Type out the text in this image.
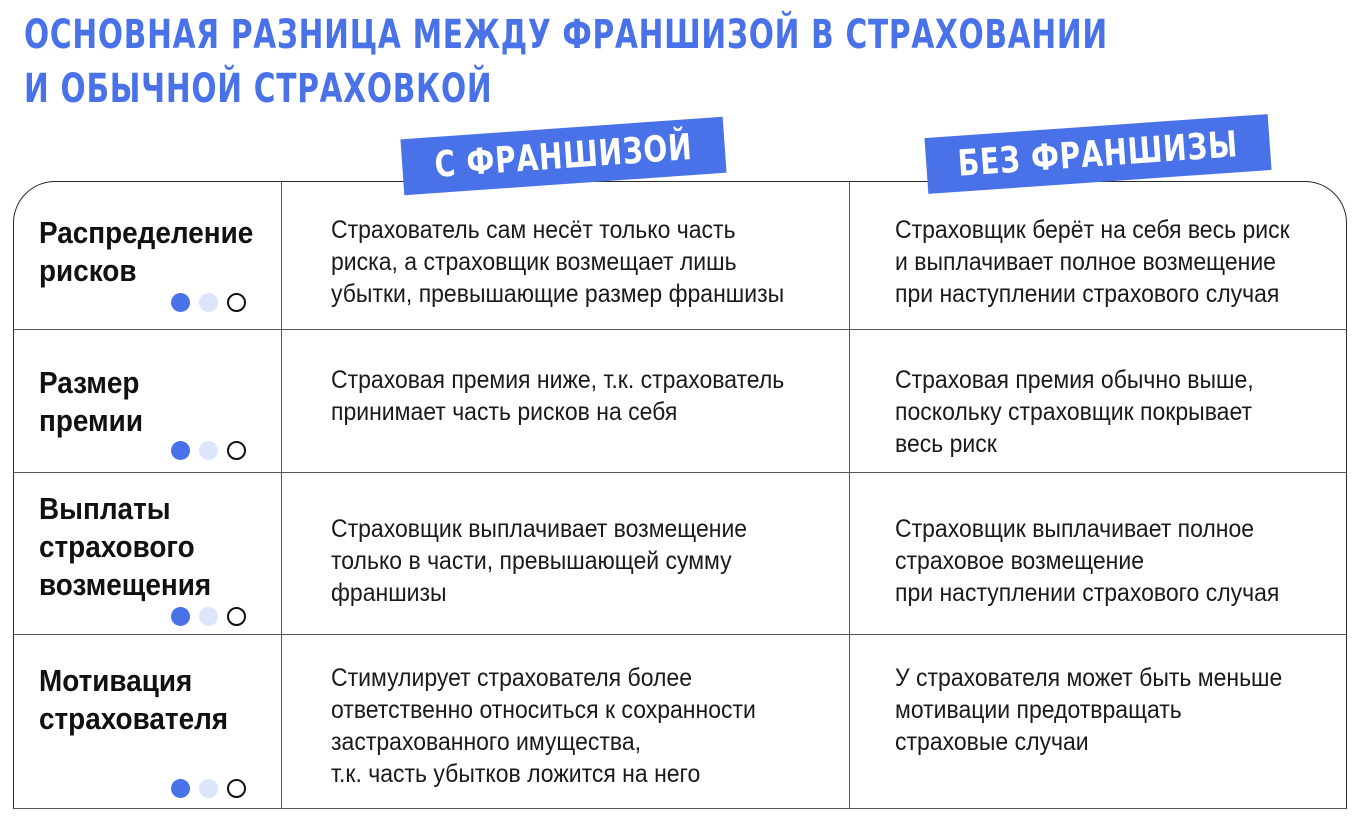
ОСНОВНАЯ РАЗНИЦА МЕЖДУ ФРАНШИЗОЙ В СТРАХОВАНИИ
И ОБЫЧНОЙ СТРАХОВКОЙ
С ФРАНШИЗОЙ	БЕЗ ФРАНШИЗЫ
Распределение рисков
Страхователь сам несёт только часть
риска, а страховщик возмещает лишь
убытки, превышающие размер франшизы
Страховщик берёт на себя весь риск
и выплачивает полное возмещение
при наступлении страхового случая
Размер премии
Страховая премия ниже, т.к. страхователь
принимает часть рисков на себя
Страховая премия обычно выше,
поскольку страховщик покрывает
весь риск
Выплаты страхового возмещения
Страховщик выплачивает возмещение
только в части, превышающей сумму
франшизы
Страховщик выплачивает полное
страховое возмещение
при наступлении страхового случая
Мотивация страхователя
Стимулирует страхователя более
ответственно относиться к сохранности
застрахованного имущества,
т.к. часть убытков ложится на него
У страхователя может быть меньше
мотивации предотвращать
страховые случаи
